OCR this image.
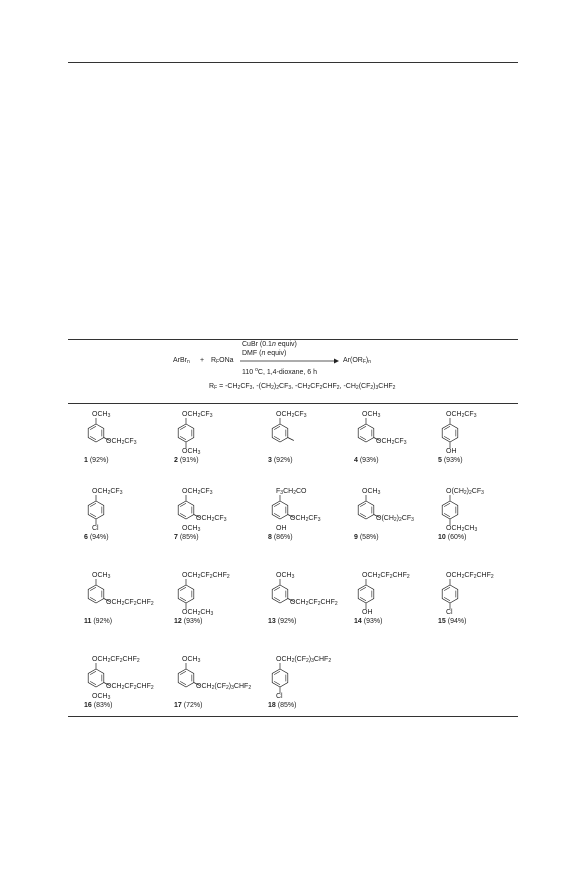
ArBr$_n$ + $R_FONa$
CuBr (0.1n equiv)
DMF (n equiv)
110 $^o$C, 1,4-dioxane, 6 h
$Ar(OR_F)_n$
$R_F = -CH_2CF_3$, $-(CH_2)_2CF_3$, $-CH_2CF_2CHF_2$, $-CH_2(CF_2)_3CHF_2$
$OCH_3$
$OCH_2CF_3$
1 (92%)
$OCH_2CF_3$
$OCH_3$
2 (91%)
$OCH_2CF_3$
3 (92%)
$OCH_3$
$OCH_2CF_3$
4 (93%)
$OCH_2CF_3$
OH
5 (93%)
$OCH_2CF_3$
Cl
6 (94%)
$OCH_2CF_3$
$OCH_2CF_3$
$OCH_3$
7 (85%)
$F_3CH_2CO$
$OCH_2CF_3$
OH
8 (86%)
$OCH_3$
$O(CH_2)_2CF_3$
9 (58%)
$O(CH_2)_2CF_3$
$OCH_2CH_3$
10 (60%)
$OCH_3$
$OCH_2CF_2CHF_2$
11 (92%)
$OCH_2CF_2CHF_2$
$OCH_2CH_3$
12 (93%)
$OCH_3$
$OCH_2CF_2CHF_2$
13 (92%)
$OCH_2CF_2CHF_2$
OH
14 (93%)
$OCH_2CF_2CHF_2$
Cl
15 (94%)
$OCH_2CF_2CHF_2$
$OCH_2CF_2CHF_2$
$OCH_3$
16 (83%)
$OCH_3$
$OCH_2(CF_2)_3CHF_2$
17 (72%)
$OCH_2(CF_2)_3CHF_2$
Cl
18 (85%)
